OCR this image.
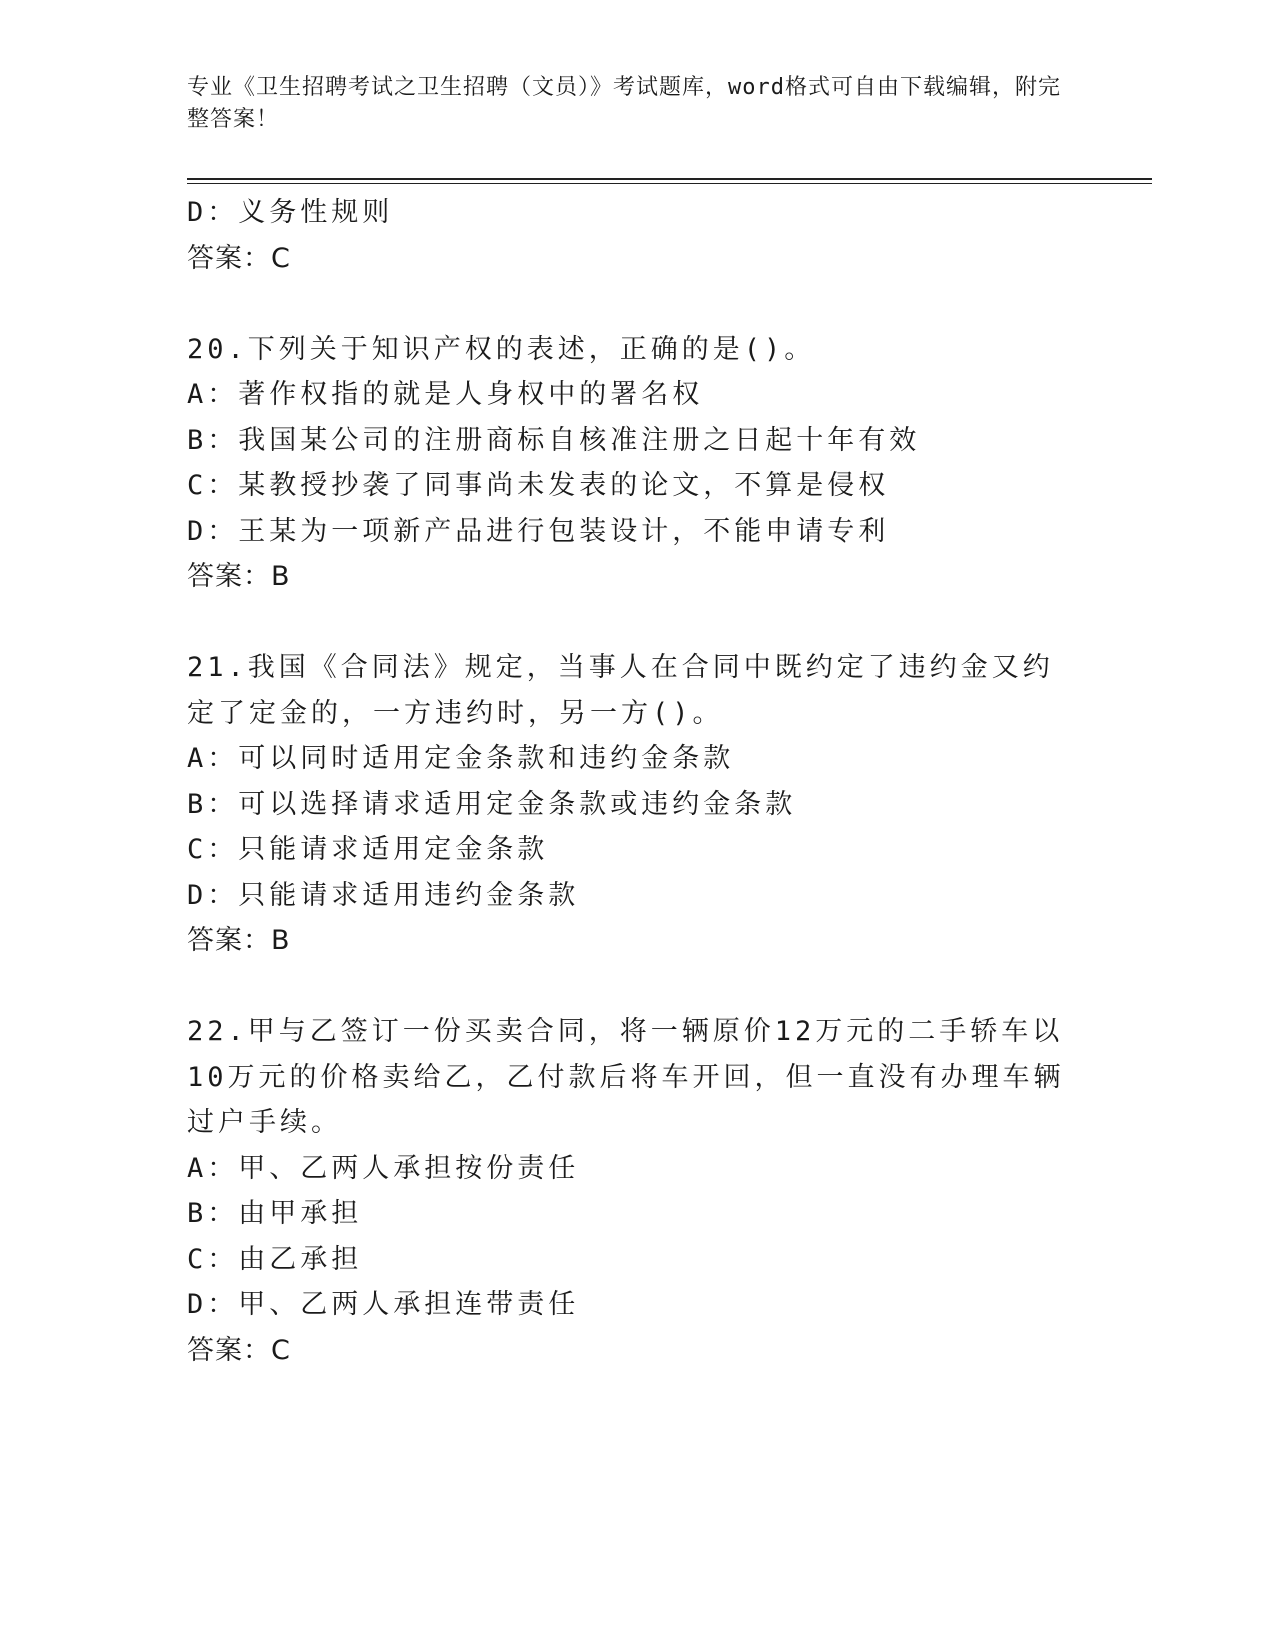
专业《卫生招聘考试之卫生招聘（文员）》考试题库，word格式可自由下载编辑，附完整答案！
D：义务性规则
答案：C
20.下列关于知识产权的表述，正确的是()。
A：著作权指的就是人身权中的署名权
B：我国某公司的注册商标自核准注册之日起十年有效
C：某教授抄袭了同事尚未发表的论文，不算是侵权
D：王某为一项新产品进行包装设计，不能申请专利
答案：B
21.我国《合同法》规定，当事人在合同中既约定了违约金又约定了定金的，一方违约时，另一方()。
A：可以同时适用定金条款和违约金条款
B：可以选择请求适用定金条款或违约金条款
C：只能请求适用定金条款
D：只能请求适用违约金条款
答案：B
22.甲与乙签订一份买卖合同，将一辆原价12万元的二手轿车以10万元的价格卖给乙，乙付款后将车开回，但一直没有办理车辆过户手续。
A：甲、乙两人承担按份责任
B：由甲承担
C：由乙承担
D：甲、乙两人承担连带责任
答案：C
